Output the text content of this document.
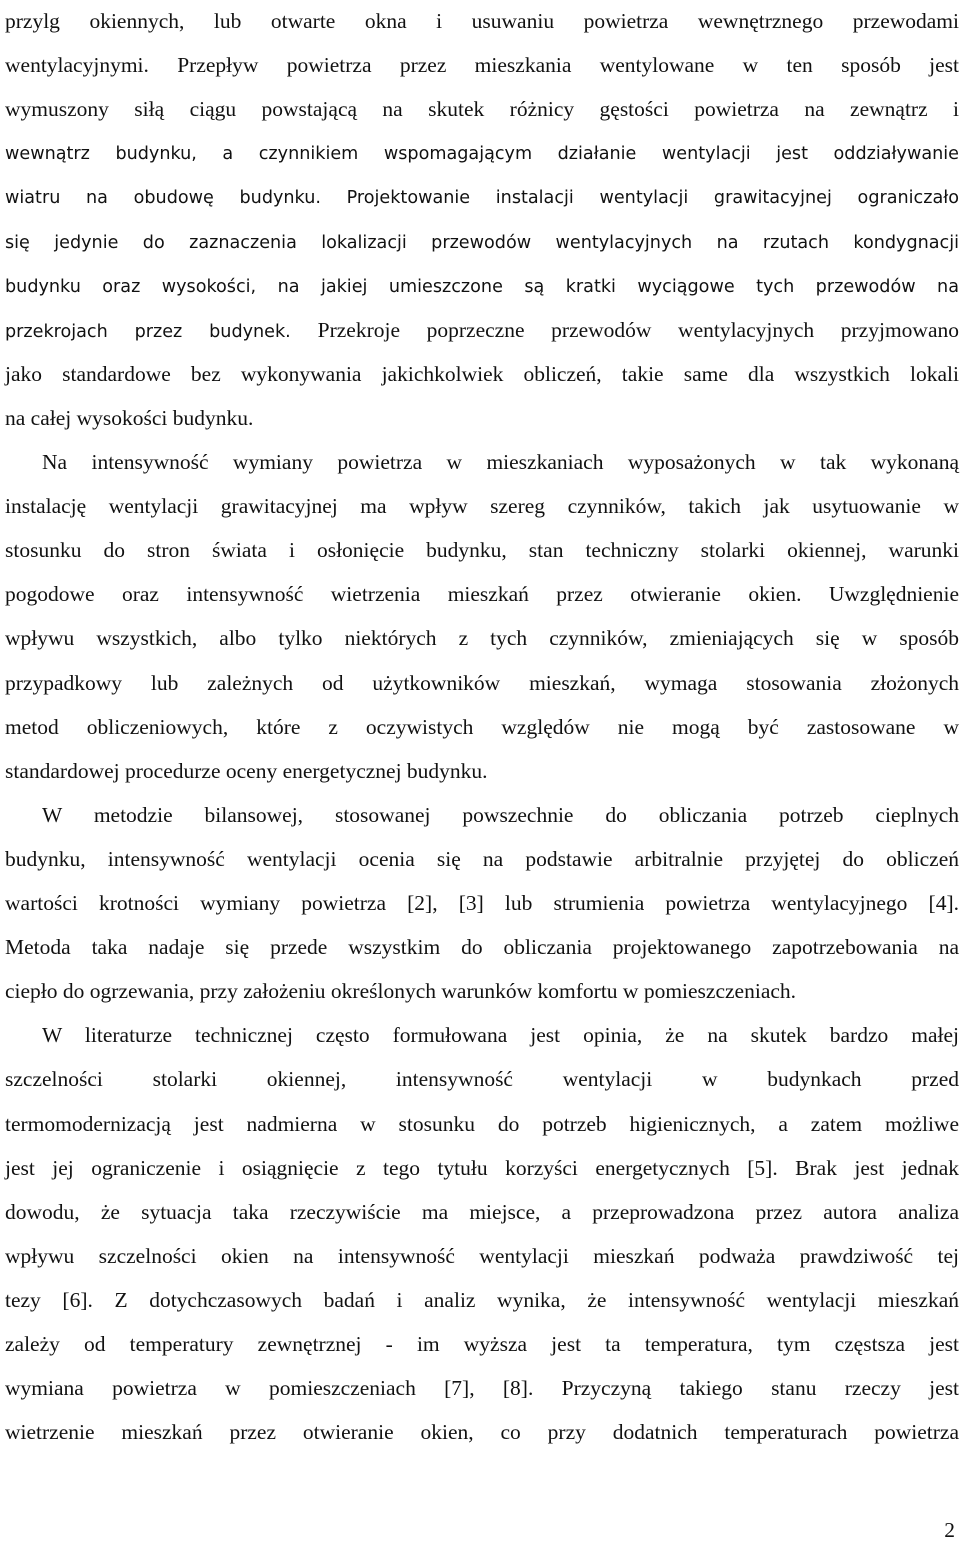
przylg okiennych, lub otwarte okna i usuwaniu powietrza wewnętrznego przewodami
wentylacyjnymi. Przepływ powietrza przez mieszkania wentylowane w ten sposób jest
wymuszony siłą ciągu powstającą na skutek różnicy gęstości powietrza na zewnątrz i
wewnątrz budynku, a czynnikiem wspomagającym działanie wentylacji jest oddziaływanie
wiatru na obudowę budynku. Projektowanie instalacji wentylacji grawitacyjnej ograniczało
się jedynie do zaznaczenia lokalizacji przewodów wentylacyjnych na rzutach kondygnacji
budynku oraz wysokości, na jakiej umieszczone są kratki wyciągowe tych przewodów na
przekrojach przez budynek. Przekroje poprzeczne przewodów wentylacyjnych przyjmowano
jako standardowe bez wykonywania jakichkolwiek obliczeń, takie same dla wszystkich lokali
na całej wysokości budynku.
Na intensywność wymiany powietrza w mieszkaniach wyposażonych w tak wykonaną
instalację wentylacji grawitacyjnej ma wpływ szereg czynników, takich jak usytuowanie w
stosunku do stron świata i osłonięcie budynku, stan techniczny stolarki okiennej, warunki
pogodowe oraz intensywność wietrzenia mieszkań przez otwieranie okien. Uwzględnienie
wpływu wszystkich, albo tylko niektórych z tych czynników, zmieniających się w sposób
przypadkowy lub zależnych od użytkowników mieszkań, wymaga stosowania złożonych
metod obliczeniowych, które z oczywistych względów nie mogą być zastosowane w
standardowej procedurze oceny energetycznej budynku.
W metodzie bilansowej, stosowanej powszechnie do obliczania potrzeb cieplnych
budynku, intensywność wentylacji ocenia się na podstawie arbitralnie przyjętej do obliczeń
wartości krotności wymiany powietrza [2], [3] lub strumienia powietrza wentylacyjnego [4].
Metoda taka nadaje się przede wszystkim do obliczania projektowanego zapotrzebowania na
ciepło do ogrzewania, przy założeniu określonych warunków komfortu w pomieszczeniach.
W literaturze technicznej często formułowana jest opinia, że na skutek bardzo małej
szczelności stolarki okiennej, intensywność wentylacji w budynkach przed
termomodernizacją jest nadmierna w stosunku do potrzeb higienicznych, a zatem możliwe
jest jej ograniczenie i osiągnięcie z tego tytułu korzyści energetycznych [5]. Brak jest jednak
dowodu, że sytuacja taka rzeczywiście ma miejsce, a przeprowadzona przez autora analiza
wpływu szczelności okien na intensywność wentylacji mieszkań podważa prawdziwość tej
tezy [6]. Z dotychczasowych badań i analiz wynika, że intensywność wentylacji mieszkań
zależy od temperatury zewnętrznej - im wyższa jest ta temperatura, tym częstsza jest
wymiana powietrza w pomieszczeniach [7], [8]. Przyczyną takiego stanu rzeczy jest
wietrzenie mieszkań przez otwieranie okien, co przy dodatnich temperaturach powietrza
2
